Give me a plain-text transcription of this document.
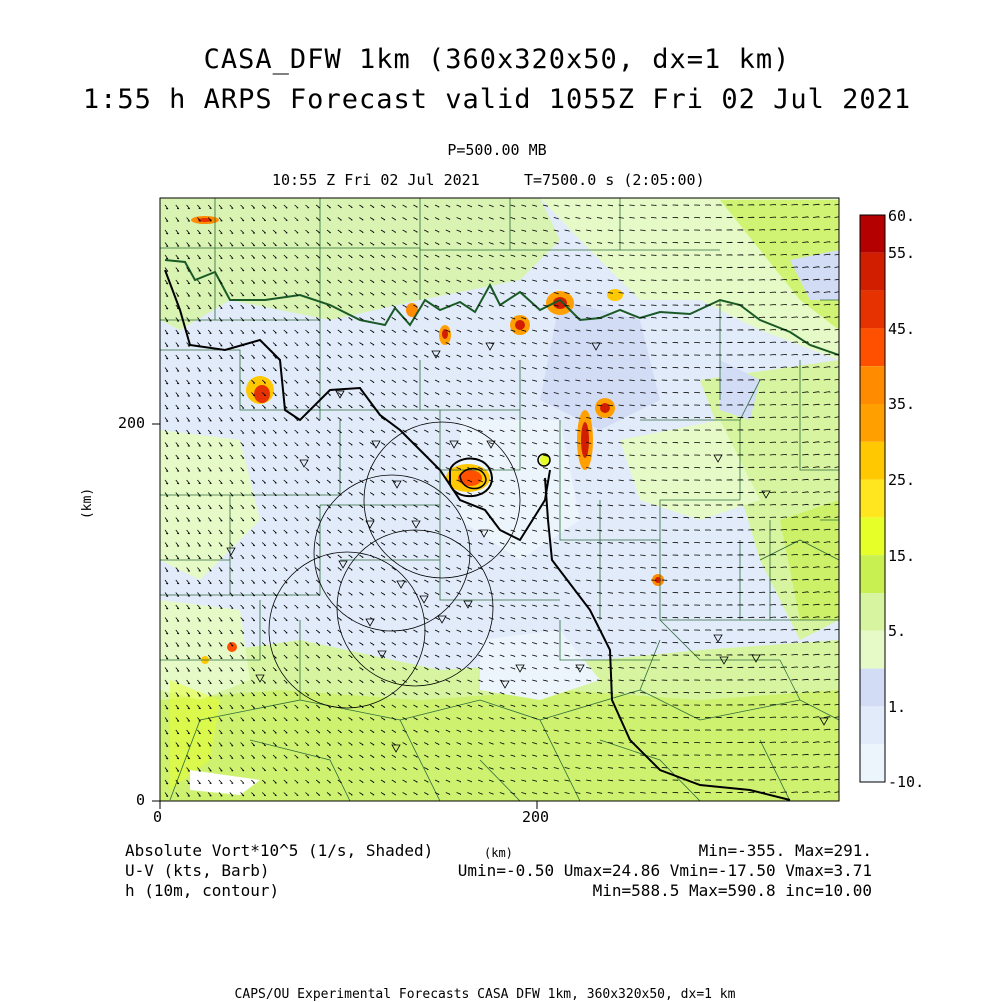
CASA_DFW 1km (360x320x50, dx=1 km)
1:55 h ARPS Forecast valid 1055Z Fri 02 Jul 2021
P=500.00 MB
10:55 Z Fri 02 Jul 2021	T=7500.0 s (2:05:00)
0	200
0
200
(km)
60.
55.
45.
35.
25.
15.
5.
1.
-10.
Absolute Vort*10^5 (1/s, Shaded)
U-V (kts, Barb)
h (10m, contour)
(km)	Min=-355. Max=291.
Umin=-0.50 Umax=24.86 Vmin=-17.50 Vmax=3.71
Min=588.5 Max=590.8 inc=10.00
CAPS/OU Experimental Forecasts CASA DFW 1km, 360x320x50, dx=1 km
